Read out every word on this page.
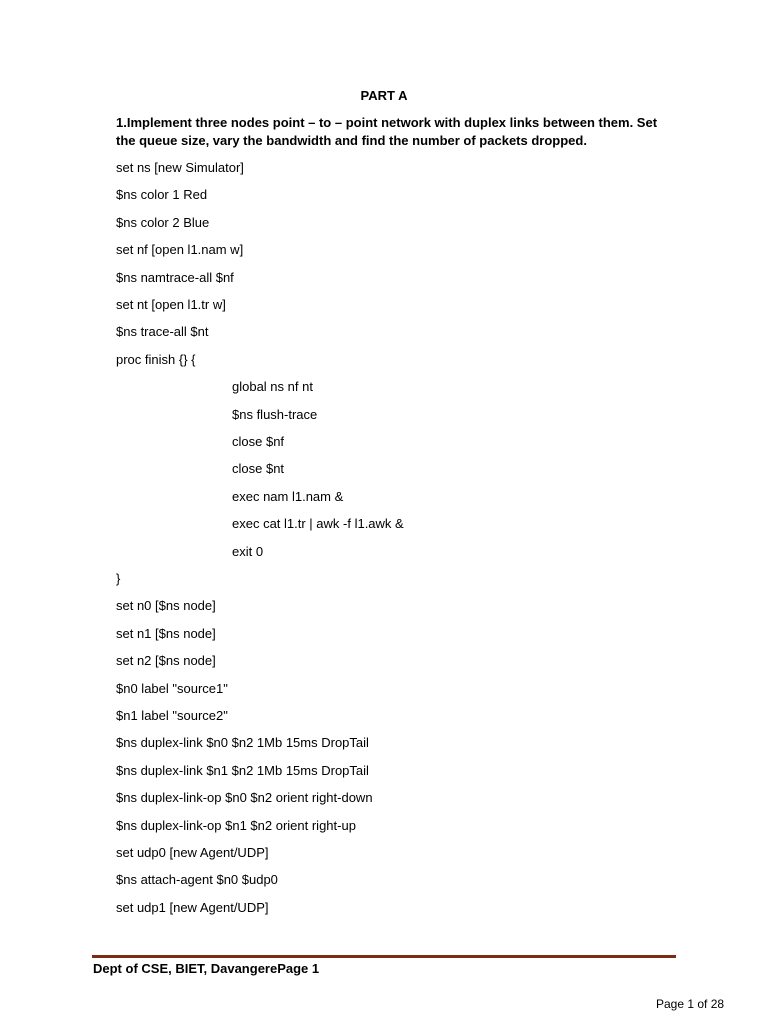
PART A
1.Implement three nodes point – to – point network with duplex links between them. Set the queue size, vary the bandwidth and find the number of packets dropped.
set ns [new Simulator]
$ns color 1 Red
$ns color 2 Blue
set nf [open l1.nam w]
$ns namtrace-all $nf
set nt [open l1.tr w]
$ns trace-all $nt
proc finish {} {
global ns nf nt
$ns flush-trace
close $nf
close $nt
exec nam l1.nam &
exec cat l1.tr | awk -f l1.awk &
exit 0
}
set n0 [$ns node]
set n1 [$ns node]
set n2 [$ns node]
$n0 label "source1"
$n1 label "source2"
$ns duplex-link $n0 $n2 1Mb 15ms DropTail
$ns duplex-link $n1 $n2 1Mb 15ms DropTail
$ns duplex-link-op $n0 $n2 orient right-down
$ns duplex-link-op $n1 $n2 orient right-up
set udp0 [new Agent/UDP]
$ns attach-agent $n0 $udp0
set udp1 [new Agent/UDP]
Dept of CSE, BIET, DavangerePage 1
Page 1 of 28
